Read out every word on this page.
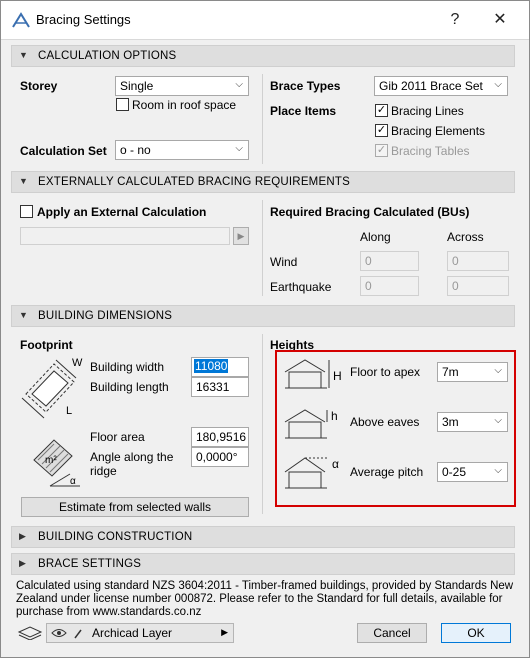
Bracing Settings	?	✕
▼ CALCULATION OPTIONS
Storey	Single	⌵
Room in roof space
Calculation Set	o - no	⌵
Brace Types	Gib 2011 Brace Set ⌵
Place Items	✓ Bracing Lines
✓ Bracing Elements
✓ Bracing Tables
▼ EXTERNALLY CALCULATED BRACING REQUIREMENTS
Apply an External Calculation
▶
Required Bracing Calculated (BUs)
Along	Across
Wind	0	0
Earthquake	0	0
▼ BUILDING DIMENSIONS
Footprint
W
L
Building width	11080
Building length	16331
m²
α
Floor area	180,9516
Angle along the ridge
0,0000°
Estimate from selected walls
Heights
H Floor to apex	7m	⌵
h Above eaves	3m	⌵
α
Average pitch	0-25	⌵
▶ BUILDING CONSTRUCTION
▶ BRACE SETTINGS
Calculated using standard NZS 3604:2011 - Timber-framed buildings, provided by Standards New
Zealand under license number 000872. Please refer to the Standard for full details, available for
purchase from www.standards.co.nz
Archicad Layer	▶	Cancel	OK
